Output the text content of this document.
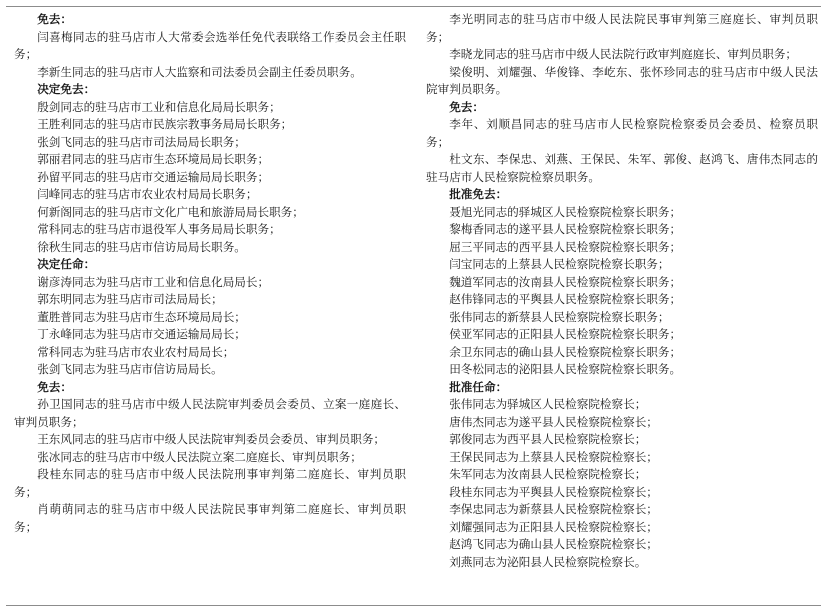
免去：

闫喜梅同志的驻马店市人大常委会选举任免代表联络工作委员会主任职务；

李新生同志的驻马店市人大监察和司法委员会副主任委员职务。

决定免去：

殷剑同志的驻马店市工业和信息化局局长职务；

王胜利同志的驻马店市民族宗教事务局局长职务；

张剑飞同志的驻马店市司法局局长职务；

郭丽君同志的驻马店市生态环境局局长职务；

孙留平同志的驻马店市交通运输局局长职务；

闫峰同志的驻马店市农业农村局局长职务；

何新阁同志的驻马店市文化广电和旅游局局长职务；

常科同志的驻马店市退役军人事务局局长职务；

徐秋生同志的驻马店市信访局局长职务。

决定任命：

谢彦涛同志为驻马店市工业和信息化局局长；

郭东明同志为驻马店市司法局局长；

董胜普同志为驻马店市生态环境局局长；

丁永峰同志为驻马店市交通运输局局长；

常科同志为驻马店市农业农村局局长；

张剑飞同志为驻马店市信访局局长。

免去：

孙卫国同志的驻马店市中级人民法院审判委员会委员、立案一庭庭长、审判员职务；

王东风同志的驻马店市中级人民法院审判委员会委员、审判员职务；

张冰同志的驻马店市中级人民法院立案二庭庭长、审判员职务；

段桂东同志的驻马店市中级人民法院刑事审判第二庭庭长、审判员职务；

肖萌萌同志的驻马店市中级人民法院民事审判第二庭庭长、审判员职务；

李光明同志的驻马店市中级人民法院民事审判第三庭庭长、审判员职务；

李晓龙同志的驻马店市中级人民法院行政审判庭庭长、审判员职务；

梁俊明、刘耀强、华俊锋、李屹东、张怀珍同志的驻马店市中级人民法院审判员职务。

免去：

李年、刘顺昌同志的驻马店市人民检察院检察委员会委员、检察员职务；

杜文东、李保忠、刘燕、王保民、朱军、郭俊、赵鸿飞、唐伟杰同志的驻马店市人民检察院检察员职务。

批准免去：

聂旭光同志的驿城区人民检察院检察长职务；

黎梅香同志的遂平县人民检察院检察长职务；

屈三平同志的西平县人民检察院检察长职务；

闫宝同志的上蔡县人民检察院检察长职务；

魏道军同志的汝南县人民检察院检察长职务；

赵伟锋同志的平舆县人民检察院检察长职务；

张伟同志的新蔡县人民检察院检察长职务；

侯亚军同志的正阳县人民检察院检察长职务；

余卫东同志的确山县人民检察院检察长职务；

田冬松同志的泌阳县人民检察院检察长职务。

批准任命：

张伟同志为驿城区人民检察院检察长；

唐伟杰同志为遂平县人民检察院检察长；

郭俊同志为西平县人民检察院检察长；

王保民同志为上蔡县人民检察院检察长；

朱军同志为汝南县人民检察院检察长；

段桂东同志为平舆县人民检察院检察长；

李保忠同志为新蔡县人民检察院检察长；

刘耀强同志为正阳县人民检察院检察长；

赵鸿飞同志为确山县人民检察院检察长；

刘燕同志为泌阳县人民检察院检察长。
